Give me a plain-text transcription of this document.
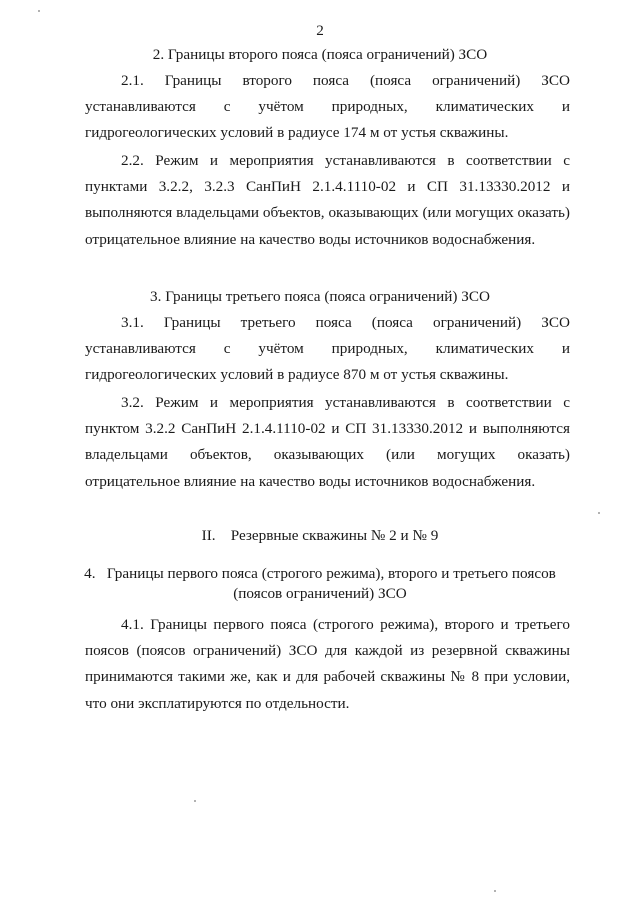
2
2. Границы второго пояса (пояса ограничений) ЗСО
2.1. Границы второго пояса (пояса ограничений) ЗСО устанавливаются с учётом природных, климатических и гидрогеологических условий в радиусе 174 м от устья скважины.
2.2. Режим и мероприятия устанавливаются в соответствии с пунктами 3.2.2, 3.2.3 СанПиН 2.1.4.1110-02 и СП 31.13330.2012 и выполняются владельцами объектов, оказывающих (или могущих оказать) отрицательное влияние на качество воды источников водоснабжения.
3. Границы третьего пояса (пояса ограничений) ЗСО
3.1. Границы третьего пояса (пояса ограничений) ЗСО устанавливаются с учётом природных, климатических и гидрогеологических условий в радиусе 870 м от устья скважины.
3.2. Режим и мероприятия устанавливаются в соответствии с пунктом 3.2.2 СанПиН 2.1.4.1110-02 и СП 31.13330.2012 и выполняются владельцами объектов, оказывающих (или могущих оказать) отрицательное влияние на качество воды источников водоснабжения.
II.    Резервные скважины № 2 и № 9
4.   Границы первого пояса (строгого режима), второго и третьего поясов
(поясов ограничений) ЗСО
4.1. Границы первого пояса (строгого режима), второго и третьего поясов (поясов ограничений) ЗСО для каждой из резервной скважины принимаются такими же, как и для рабочей скважины № 8 при условии, что они эксплатируются по отдельности.
